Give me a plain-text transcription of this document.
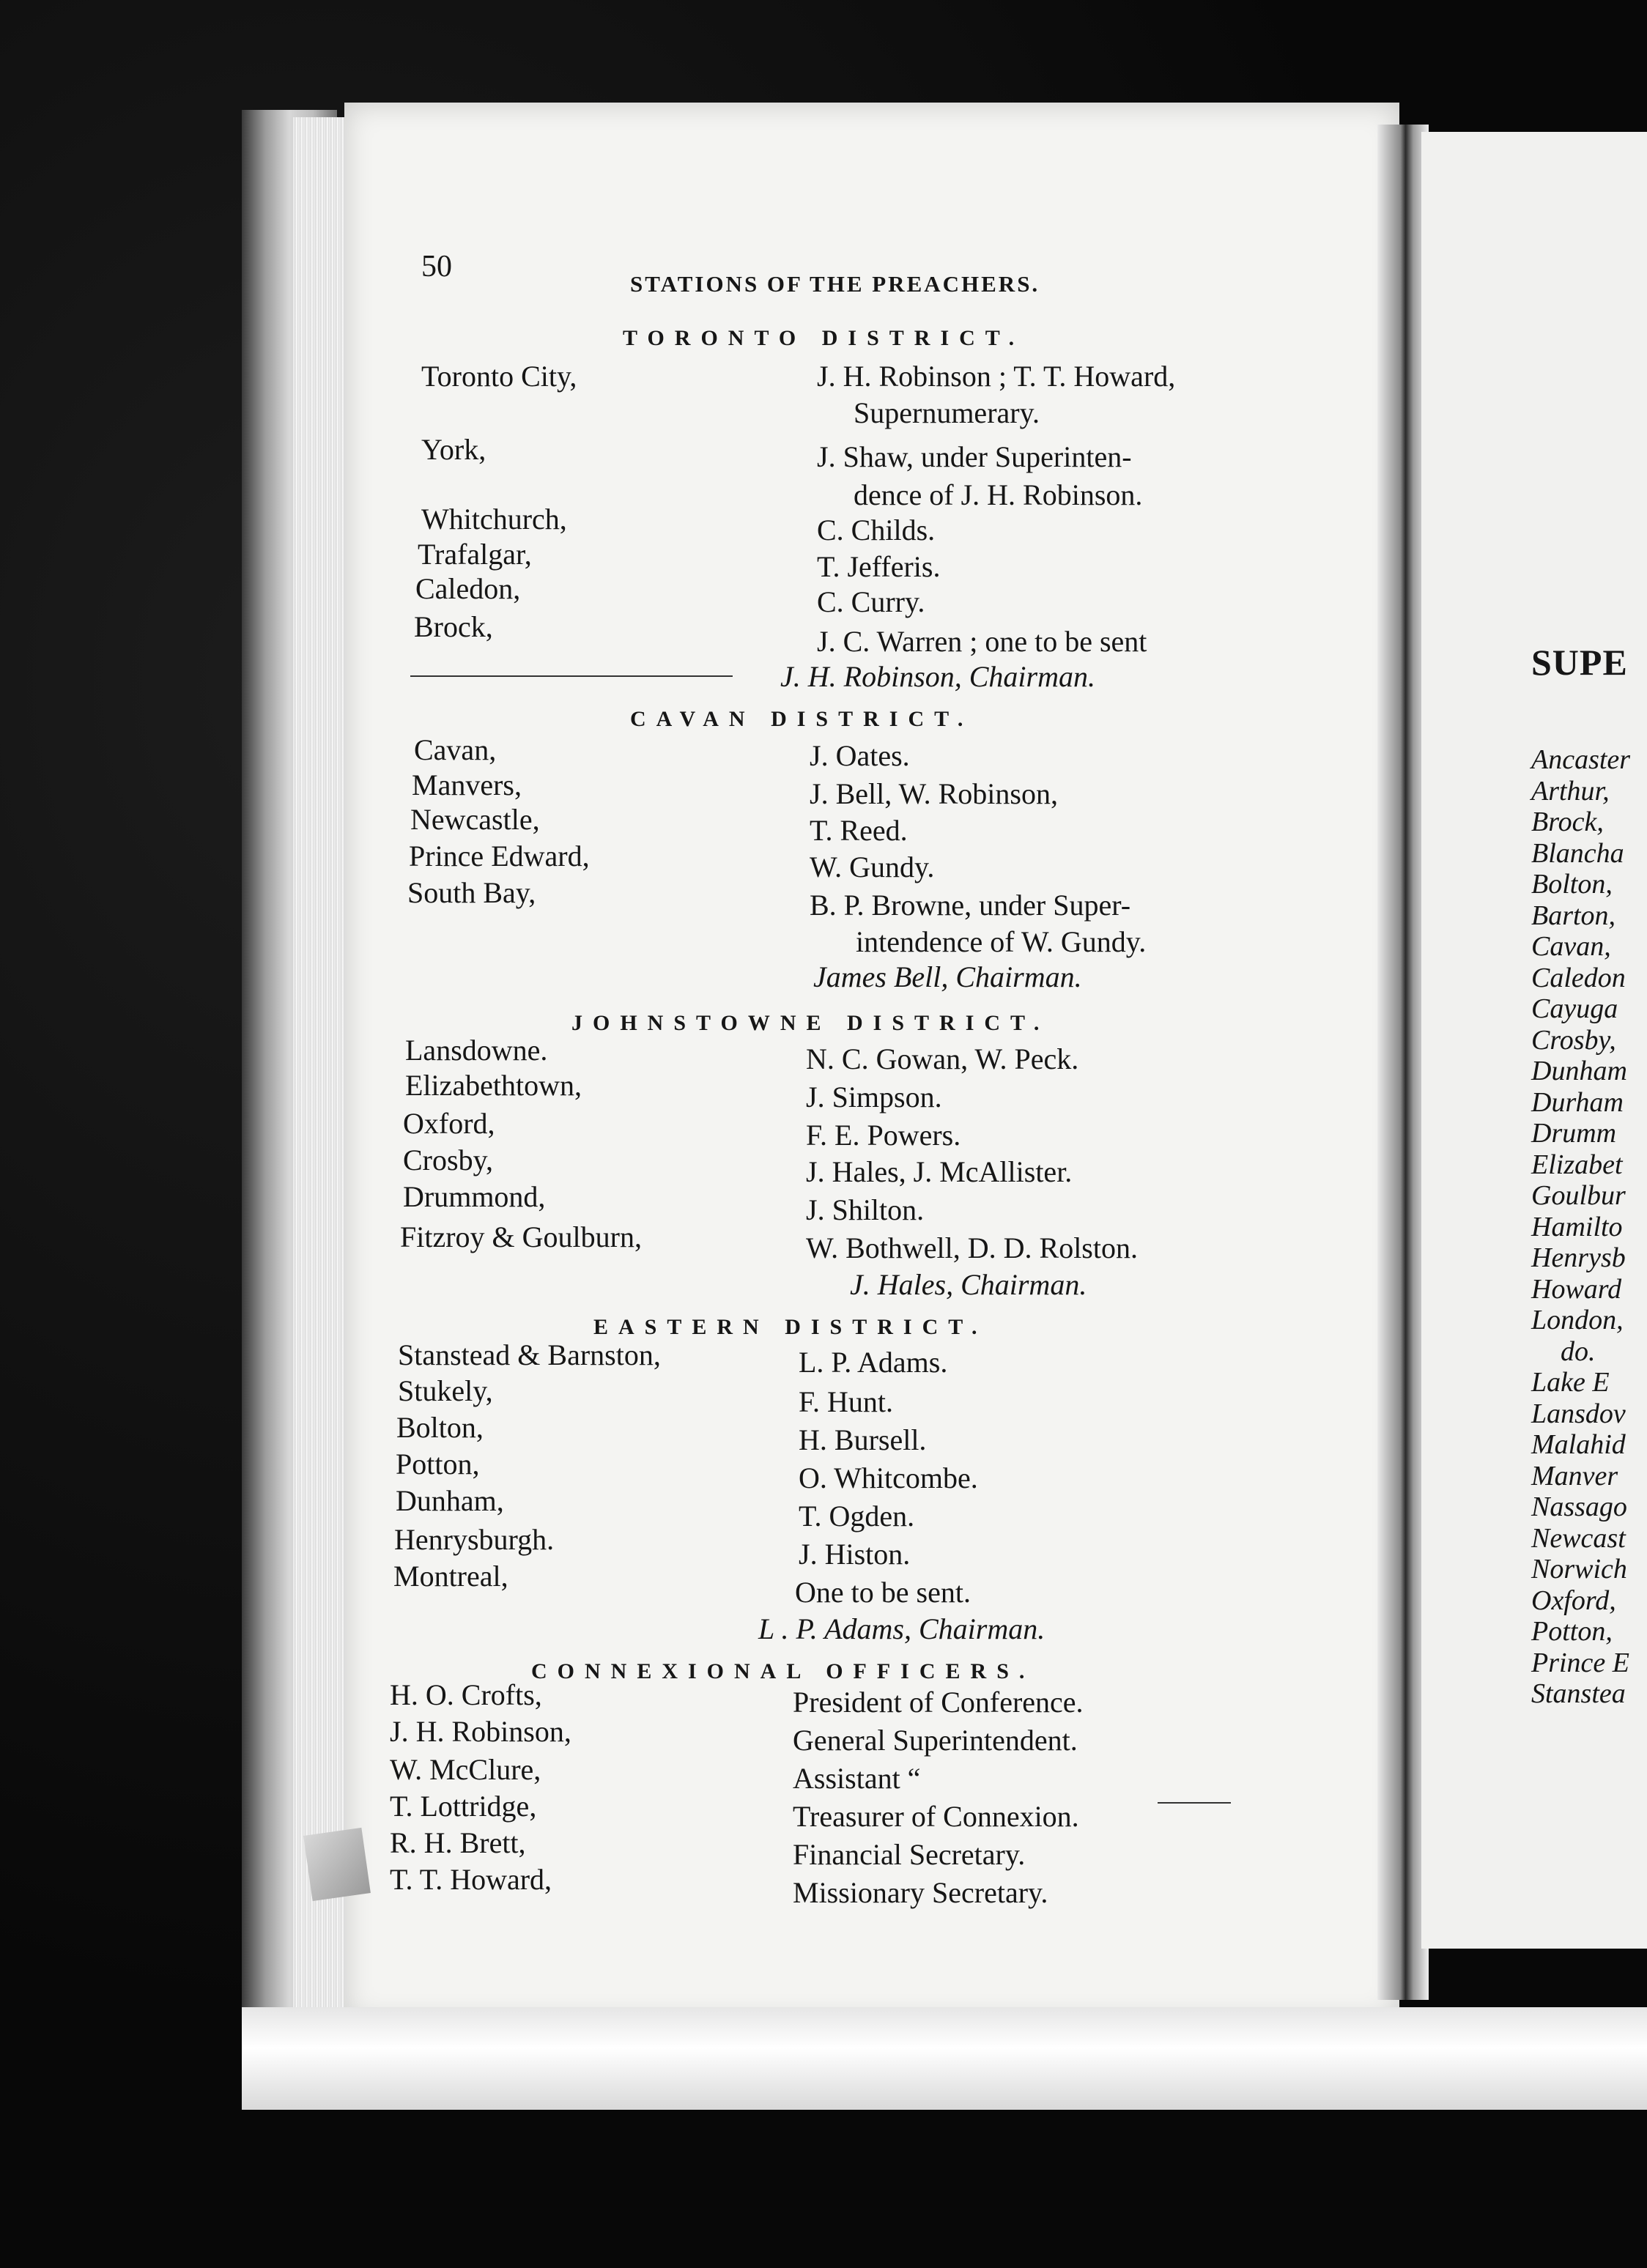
50
STATIONS OF THE PREACHERS.
TORONTO DISTRICT.
Toronto City,	J. H. Robinson ; T. T. Howard,
Supernumerary.
York,	J. Shaw, under Superinten-
dence of J. H. Robinson.
Whitchurch,	C. Childs.
Trafalgar,	T. Jefferis.
Caledon,	C. Curry.
Brock,	J. C. Warren ; one to be sent
J. H. Robinson, Chairman.
CAVAN DISTRICT.
Cavan,	J. Oates.
Manvers,	J. Bell, W. Robinson,
Newcastle,	T. Reed.
Prince Edward,	W. Gundy.
South Bay,	B. P. Browne, under Super-
intendence of W. Gundy.
James Bell, Chairman.
JOHNSTOWNE DISTRICT.
Lansdowne.	N. C. Gowan, W. Peck.
Elizabethtown,	J. Simpson.
Oxford,	F. E. Powers.
Crosby,	J. Hales, J. McAllister.
Drummond,	J. Shilton.
Fitzroy & Goulburn,	W. Bothwell, D. D. Rolston.
J. Hales, Chairman.
EASTERN DISTRICT.
Stanstead & Barnston,	L. P. Adams.
Stukely,	F. Hunt.
Bolton,	H. Bursell.
Potton,	O. Whitcombe.
Dunham,	T. Ogden.
Henrysburgh.	J. Histon.
Montreal,	One to be sent.
L . P. Adams, Chairman.
CONNEXIONAL OFFICERS.
H. O. Crofts,	President of Conference.
J. H. Robinson,	General Superintendent.
W. McClure,	Assistant “
T. Lottridge,	Treasurer of Connexion.
R. H. Brett,	Financial Secretary.
T. T. Howard,	Missionary Secretary.
SUPE
Ancaster
Arthur,
Brock,
Blancha
Bolton,
Barton,
Cavan,
Caledon
Cayuga
Crosby,
Dunham
Durham
Drumm
Elizabet
Goulbur
Hamilto
Henrysb
Howard
London,
do.
Lake E
Lansdov
Malahid
Manver
Nassago
Newcast
Norwich
Oxford,
Potton,
Prince E
Stanstea
